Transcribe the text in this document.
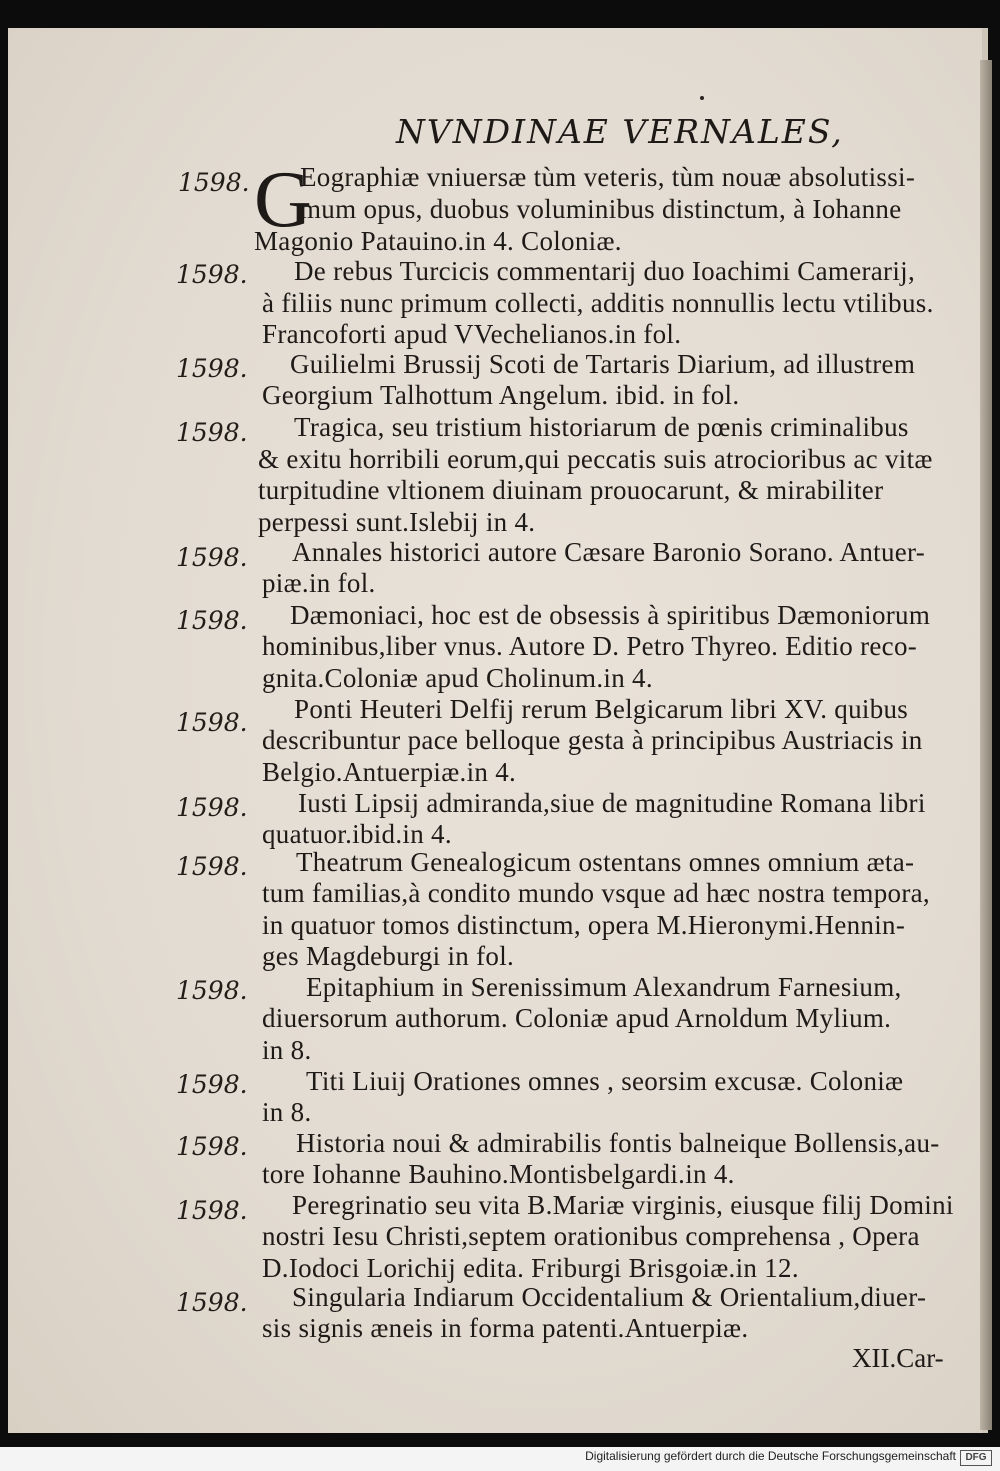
NVNDINAE VERNALES,
G
1598. Eographiæ vniuersæ tùm veteris, tùm nouæ absolutissi-
mum opus, duobus voluminibus distinctum, à Iohanne
Magonio Patauino.in 4. Coloniæ.
1598. De rebus Turcicis commentarij duo Ioachimi Camerarij,
à filiis nunc primum collecti, additis nonnullis lectu vtilibus.
Francoforti apud VVechelianos.in fol.
1598. Guilielmi Brussij Scoti de Tartaris Diarium, ad illustrem
Georgium Talhottum Angelum. ibid. in fol.
1598. Tragica, seu tristium historiarum de pœnis criminalibus
& exitu horribili eorum,qui peccatis suis atrocioribus ac vitæ
turpitudine vltionem diuinam prouocarunt, & mirabiliter
perpessi sunt.Islebij in 4.
1598. Annales historici autore Cæsare Baronio Sorano. Antuer-
piæ.in fol.
1598. Dæmoniaci, hoc est de obsessis à spiritibus Dæmoniorum
hominibus,liber vnus. Autore D. Petro Thyreo. Editio reco-
gnita.Coloniæ apud Cholinum.in 4.
1598. Ponti Heuteri Delfij rerum Belgicarum libri XV. quibus
describuntur pace belloque gesta à principibus Austriacis in
Belgio.Antuerpiæ.in 4.
1598. Iusti Lipsij admiranda,siue de magnitudine Romana libri
quatuor.ibid.in 4.
1598. Theatrum Genealogicum ostentans omnes omnium æta-
tum familias,à condito mundo vsque ad hæc nostra tempora,
in quatuor tomos distinctum, opera M.Hieronymi.Hennin-
ges Magdeburgi in fol.
1598. Epitaphium in Serenissimum Alexandrum Farnesium,
diuersorum authorum. Coloniæ apud Arnoldum Mylium.
in 8.
1598. Titi Liuij Orationes omnes , seorsim excusæ. Coloniæ
in 8.
1598. Historia noui & admirabilis fontis balneique Bollensis,au-
tore Iohanne Bauhino.Montisbelgardi.in 4.
1598. Peregrinatio seu vita B.Mariæ virginis, eiusque filij Domini
nostri Iesu Christi,septem orationibus comprehensa , Opera
D.Iodoci Lorichij edita. Friburgi Brisgoiæ.in 12.
1598. Singularia Indiarum Occidentalium & Orientalium,diuer-
sis signis æneis in forma patenti.Antuerpiæ.
XII.Car-
Digitalisierung gefördert durch die Deutsche Forschungsgemeinschaft DFG
